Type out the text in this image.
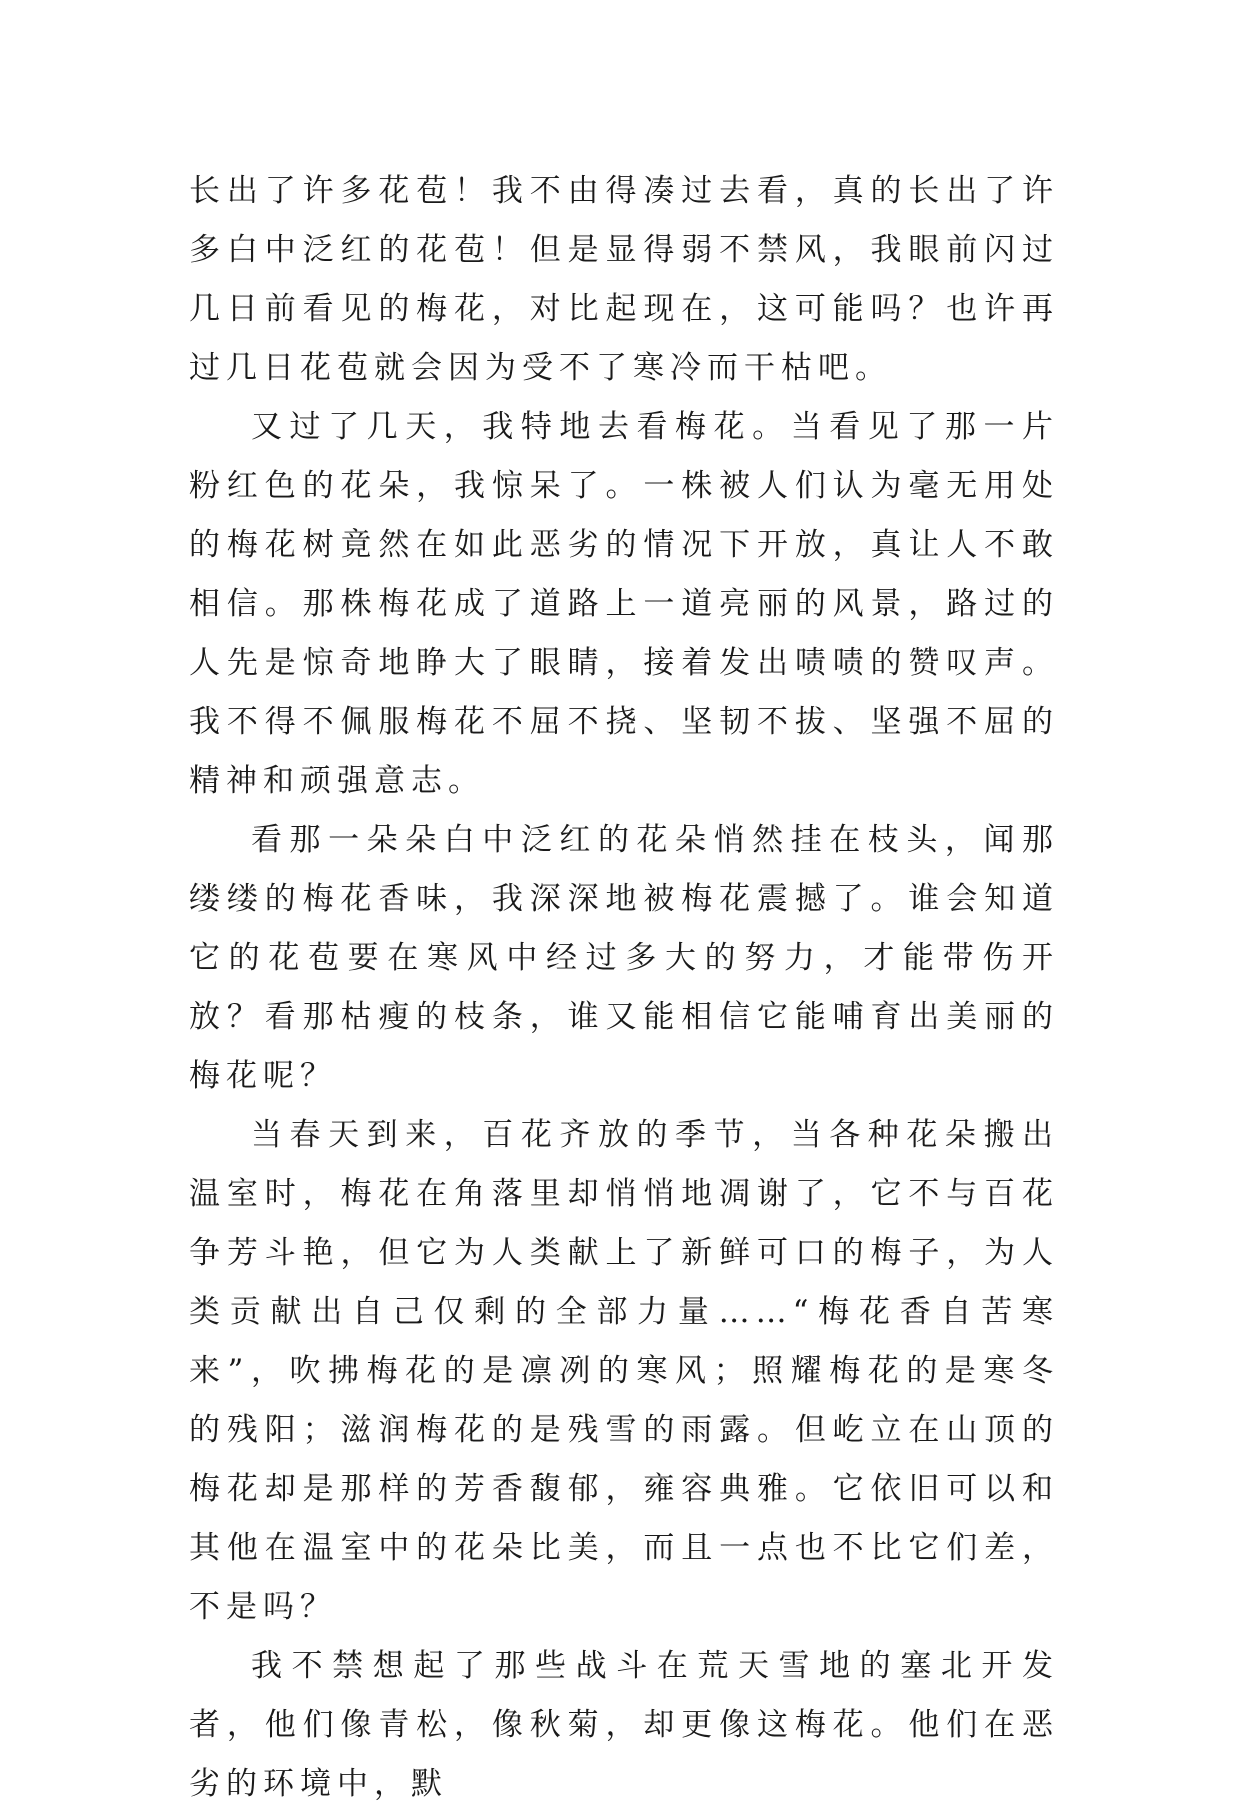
长出了许多花苞！我不由得凑过去看，真的长出了许多白中泛红的花苞！但是显得弱不禁风，我眼前闪过几日前看见的梅花，对比起现在，这可能吗？也许再过几日花苞就会因为受不了寒冷而干枯吧。

又过了几天，我特地去看梅花。当看见了那一片粉红色的花朵，我惊呆了。一株被人们认为毫无用处的梅花树竟然在如此恶劣的情况下开放，真让人不敢相信。那株梅花成了道路上一道亮丽的风景，路过的人先是惊奇地睁大了眼睛，接着发出啧啧的赞叹声。我不得不佩服梅花不屈不挠、坚韧不拔、坚强不屈的精神和顽强意志。

看那一朵朵白中泛红的花朵悄然挂在枝头，闻那缕缕的梅花香味，我深深地被梅花震撼了。谁会知道它的花苞要在寒风中经过多大的努力，才能带伤开放？看那枯瘦的枝条，谁又能相信它能哺育出美丽的梅花呢？

当春天到来，百花齐放的季节，当各种花朵搬出温室时，梅花在角落里却悄悄地凋谢了，它不与百花争芳斗艳，但它为人类献上了新鲜可口的梅子，为人类贡献出自己仅剩的全部力量……“梅花香自苦寒来”，吹拂梅花的是凛冽的寒风；照耀梅花的是寒冬的残阳；滋润梅花的是残雪的雨露。但屹立在山顶的梅花却是那样的芳香馥郁，雍容典雅。它依旧可以和其他在温室中的花朵比美，而且一点也不比它们差，不是吗？

我不禁想起了那些战斗在荒天雪地的塞北开发者，他们像青松，像秋菊，却更像这梅花。他们在恶劣的环境中，默
